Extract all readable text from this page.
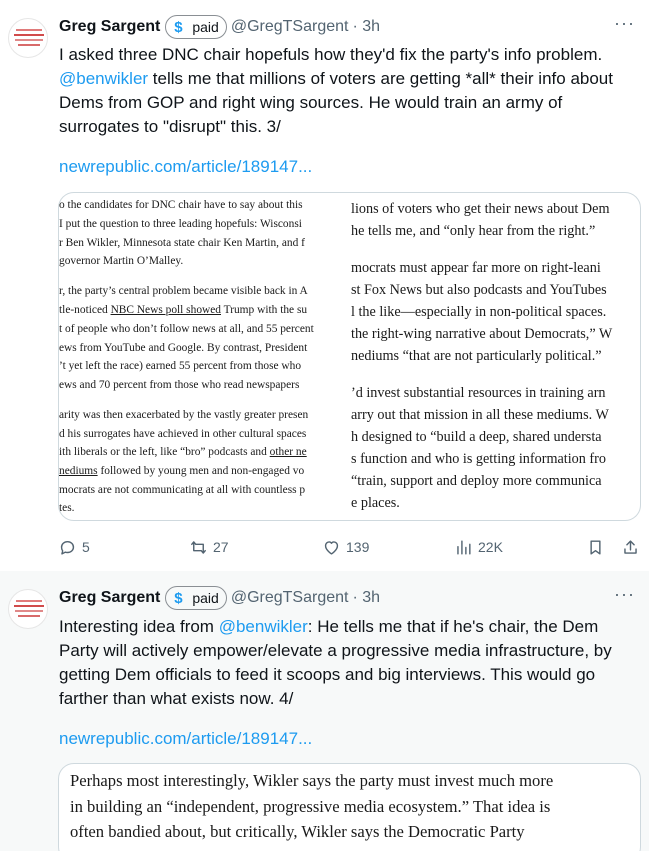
Greg Sargent $ paid @GregTSargent · 3h	···
I asked three DNC chair hopefuls how they'd fix the party's info problem. @benwikler tells me that millions of voters are getting *all* their info about Dems from GOP and right wing sources. He would train an army of surrogates to "disrupt" this. 3/
newrepublic.com/article/189147...
o the candidates for DNC chair have to say about this
I put the question to three leading hopefuls: Wisconsi
r Ben Wikler, Minnesota state chair Ken Martin, and f
governor Martin O’Malley.
r, the party’s central problem became visible back in A
tle-noticed NBC News poll showed Trump with the su
t of people who don’t follow news at all, and 55 percent
ews from YouTube and Google. By contrast, President
’t yet left the race) earned 55 percent from those who
ews and 70 percent from those who read newspapers
arity was then exacerbated by the vastly greater presen
d his surrogates have achieved in other cultural spaces
ith liberals or the left, like “bro” podcasts and other ne
nediums followed by young men and non-engaged vo
mocrats are not communicating at all with countless p
tes.
lions of voters who get their news about Dem
he tells me, and “only hear from the right.”
mocrats must appear far more on right-leani
st Fox News but also podcasts and YouTubes
l the like—especially in non-political spaces.
the right-wing narrative about Democrats,” W
nediums “that are not particularly political.”
’d invest substantial resources in training arn
arry out that mission in all these mediums. W
h designed to “build a deep, shared understa
s function and who is getting information fro
“train, support and deploy more communica
e places.
5	27	139	22K
Greg Sargent $ paid @GregTSargent · 3h	···
Interesting idea from @benwikler: He tells me that if he's chair, the Dem Party will actively empower/elevate a progressive media infrastructure, by getting Dem officials to feed it scoops and big interviews. This would go farther than what exists now. 4/
newrepublic.com/article/189147...
Perhaps most interestingly, Wikler says the party must invest much more
in building an “independent, progressive media ecosystem.” That idea is
often bandied about, but critically, Wikler says the Democratic Party
